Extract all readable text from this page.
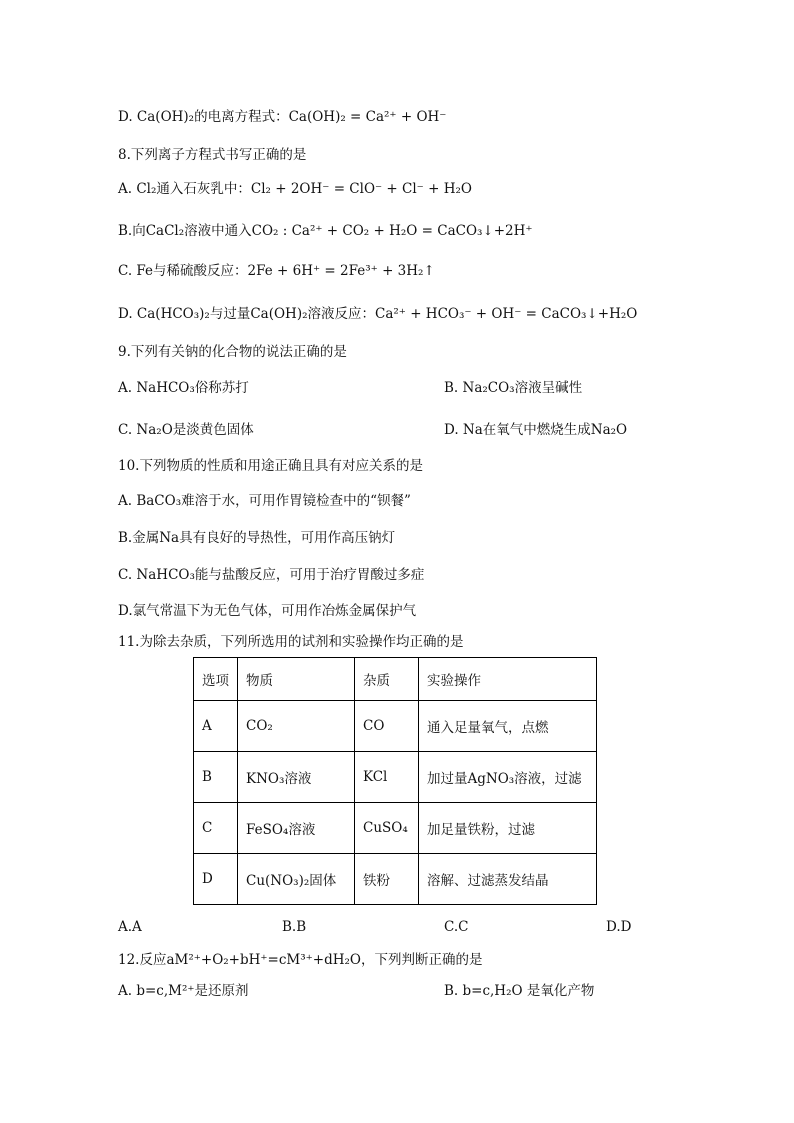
D. Ca(OH)₂的电离方程式：Ca(OH)₂ = Ca²⁺ + OH⁻
8.下列离子方程式书写正确的是
A. Cl₂通入石灰乳中：Cl₂ + 2OH⁻ = ClO⁻ + Cl⁻ + H₂O
B.向CaCl₂溶液中通入CO₂ : Ca²⁺ + CO₂ + H₂O = CaCO₃↓+2H⁺
C. Fe与稀硫酸反应：2Fe + 6H⁺ = 2Fe³⁺ + 3H₂↑
D. Ca(HCO₃)₂与过量Ca(OH)₂溶液反应：Ca²⁺ + HCO₃⁻ + OH⁻ = CaCO₃↓+H₂O
9.下列有关钠的化合物的说法正确的是
A. NaHCO₃俗称苏打	B. Na₂CO₃溶液呈碱性
C. Na₂O是淡黄色固体	D. Na在氧气中燃烧生成Na₂O
10.下列物质的性质和用途正确且具有对应关系的是
A. BaCO₃难溶于水，可用作胃镜检查中的“钡餐”
B.金属Na具有良好的导热性，可用作高压钠灯
C. NaHCO₃能与盐酸反应，可用于治疗胃酸过多症
D.氯气常温下为无色气体，可用作冶炼金属保护气
11.为除去杂质，下列所选用的试剂和实验操作均正确的是
选项	物质	杂质	实验操作
A	CO₂	CO	通入足量氧气，点燃
B	KNO₃溶液	KCl	加过量AgNO₃溶液，过滤
C	FeSO₄溶液	CuSO₄	加足量铁粉，过滤
D	Cu(NO₃)₂固体	铁粉	溶解、过滤蒸发结晶
A.A	B.B	C.C	D.D
12.反应aM²⁺+O₂+bH⁺=cM³⁺+dH₂O，下列判断正确的是
A. b=c,M²⁺是还原剂	B. b=c,H₂O 是氧化产物
